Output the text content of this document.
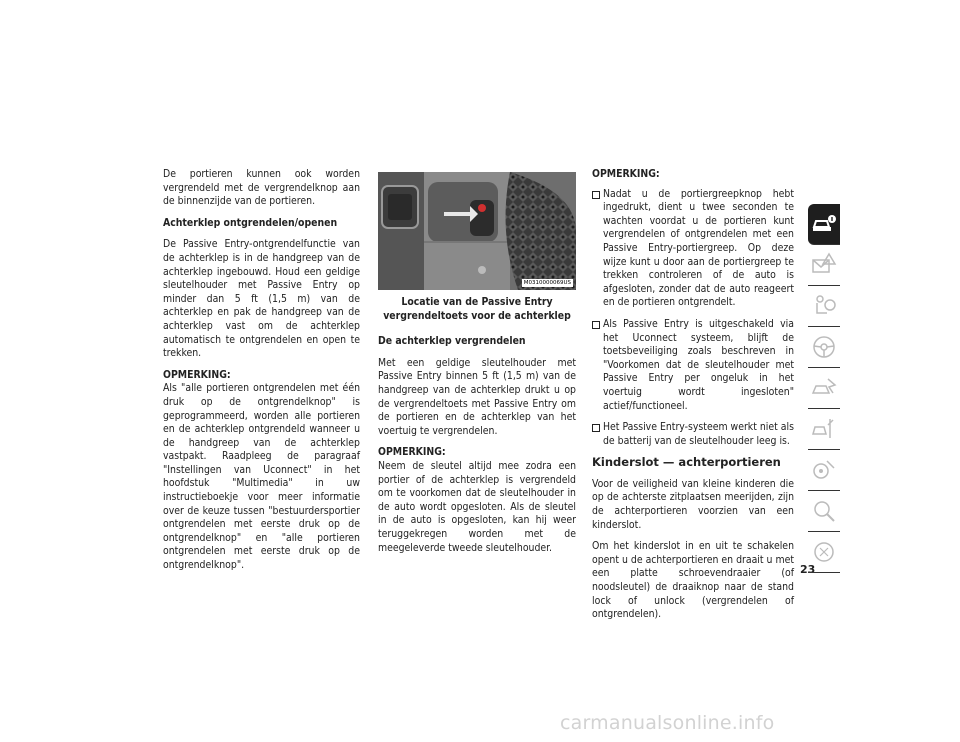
De portieren kunnen ook worden vergrendeld met de vergrendelknop aan de binnenzijde van de portieren.

Achterklep ontgrendelen/openen

De Passive Entry-ontgrendelfunctie van de achterklep is in de handgreep van de achterklep ingebouwd. Houd een geldige sleutelhouder met Passive Entry op minder dan 5 ft (1,5 m) van de achterklep en pak de handgreep van de achterklep vast om de achterklep automatisch te ontgrendelen en open te trekken.

OPMERKING:

Als "alle portieren ontgrendelen met één druk op de ontgrendelknop" is geprogrammeerd, worden alle portieren en de achterklep ontgrendeld wanneer u de handgreep van de achterklep vastpakt. Raadpleeg de paragraaf "Instellingen van Uconnect" in het hoofdstuk "Multimedia" in uw instructieboekje voor meer informatie over de keuze tussen "bestuurdersportier ontgrendelen met eerste druk op de ontgrendelknop" en "alle portieren ontgrendelen met eerste druk op de ontgrendelknop".

M0310000069US
Locatie van de Passive Entry vergrendeltoets voor de achterklep
De achterklep vergrendelen

Met een geldige sleutelhouder met Passive Entry binnen 5 ft (1,5 m) van de handgreep van de achterklep drukt u op de vergrendeltoets met Passive Entry om de portieren en de achterklep van het voertuig te vergrendelen.

OPMERKING:

Neem de sleutel altijd mee zodra een portier of de achterklep is vergrendeld om te voorkomen dat de sleutelhouder in de auto wordt opgesloten. Als de sleutel in de auto is opgesloten, kan hij weer teruggekregen worden met de meegeleverde tweede sleutelhouder.

OPMERKING:
Nadat u de portiergreepknop hebt ingedrukt, dient u twee seconden te wachten voordat u de portieren kunt vergrendelen of ontgrendelen met een Passive Entry-portiergreep. Op deze wijze kunt u door aan de portiergreep te trekken controleren of de auto is afgesloten, zonder dat de auto reageert en de portieren ontgrendelt.
Als Passive Entry is uitgeschakeld via het Uconnect systeem, blijft de toetsbeveiliging zoals beschreven in "Voorkomen dat de sleutelhouder met Passive Entry per ongeluk in het voertuig wordt ingesloten" actief/functioneel.
Het Passive Entry-systeem werkt niet als de batterij van de sleutelhouder leeg is.
Kinderslot — achterportieren

Voor de veiligheid van kleine kinderen die op de achterste zitplaatsen meerijden, zijn de achterportieren voorzien van een kinderslot.

Om het kinderslot in en uit te schakelen opent u de achterportieren en draait u met een platte schroevendraaier (of noodsleutel) de draaiknop naar de stand lock of unlock (vergrendelen of ontgrendelen).

23
carmanualsonline.info
